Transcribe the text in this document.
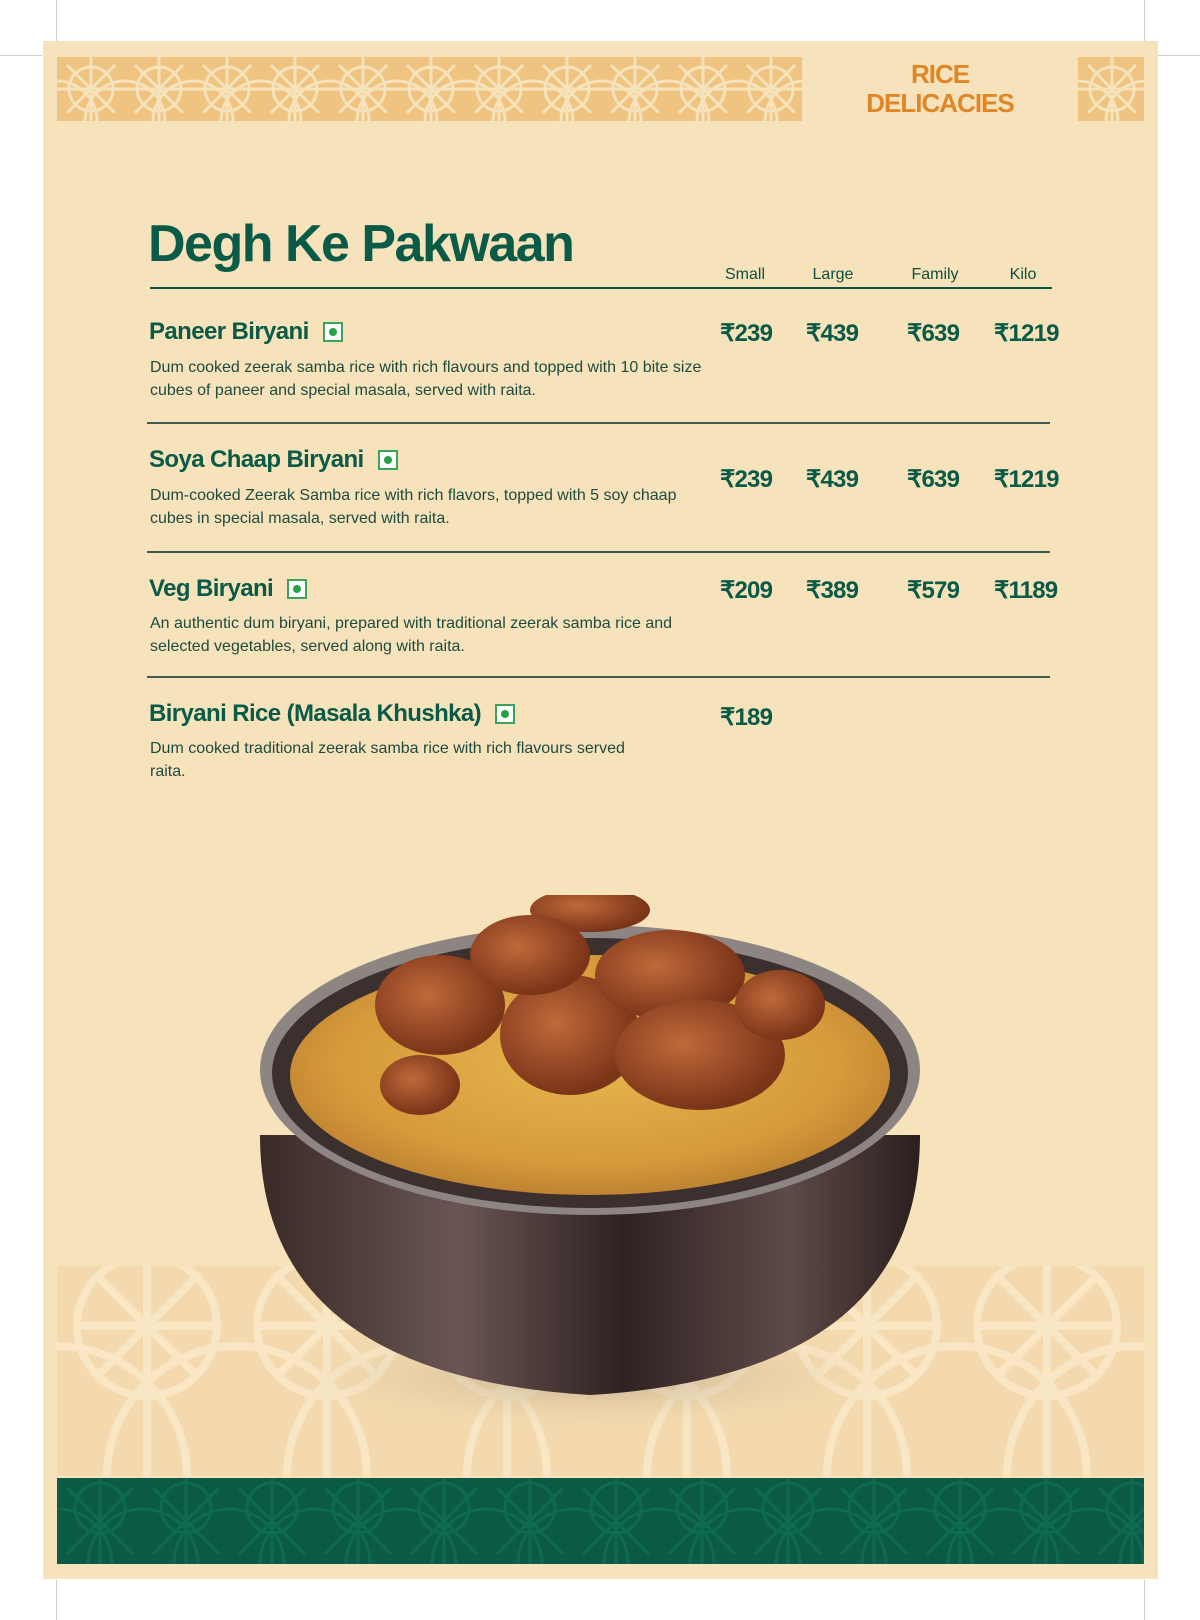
RICE
DELICACIES
Degh Ke Pakwaan
Small	Large	Family	Kilo
Paneer Biryani
Dum cooked zeerak samba rice with rich flavours and topped with 10 bite size cubes of paneer and special masala, served with raita.
₹239 ₹439 ₹639 ₹1219
Soya Chaap Biryani
Dum-cooked Zeerak Samba rice with rich flavors, topped with 5 soy chaap cubes in special masala, served with raita.
₹239 ₹439 ₹639 ₹1219
Veg Biryani
An authentic dum biryani, prepared with traditional zeerak samba rice and selected vegetables, served along with raita.
₹209 ₹389 ₹579 ₹1189
Biryani Rice (Masala Khushka)
Dum cooked traditional zeerak samba rice with rich flavours served raita.
₹189
